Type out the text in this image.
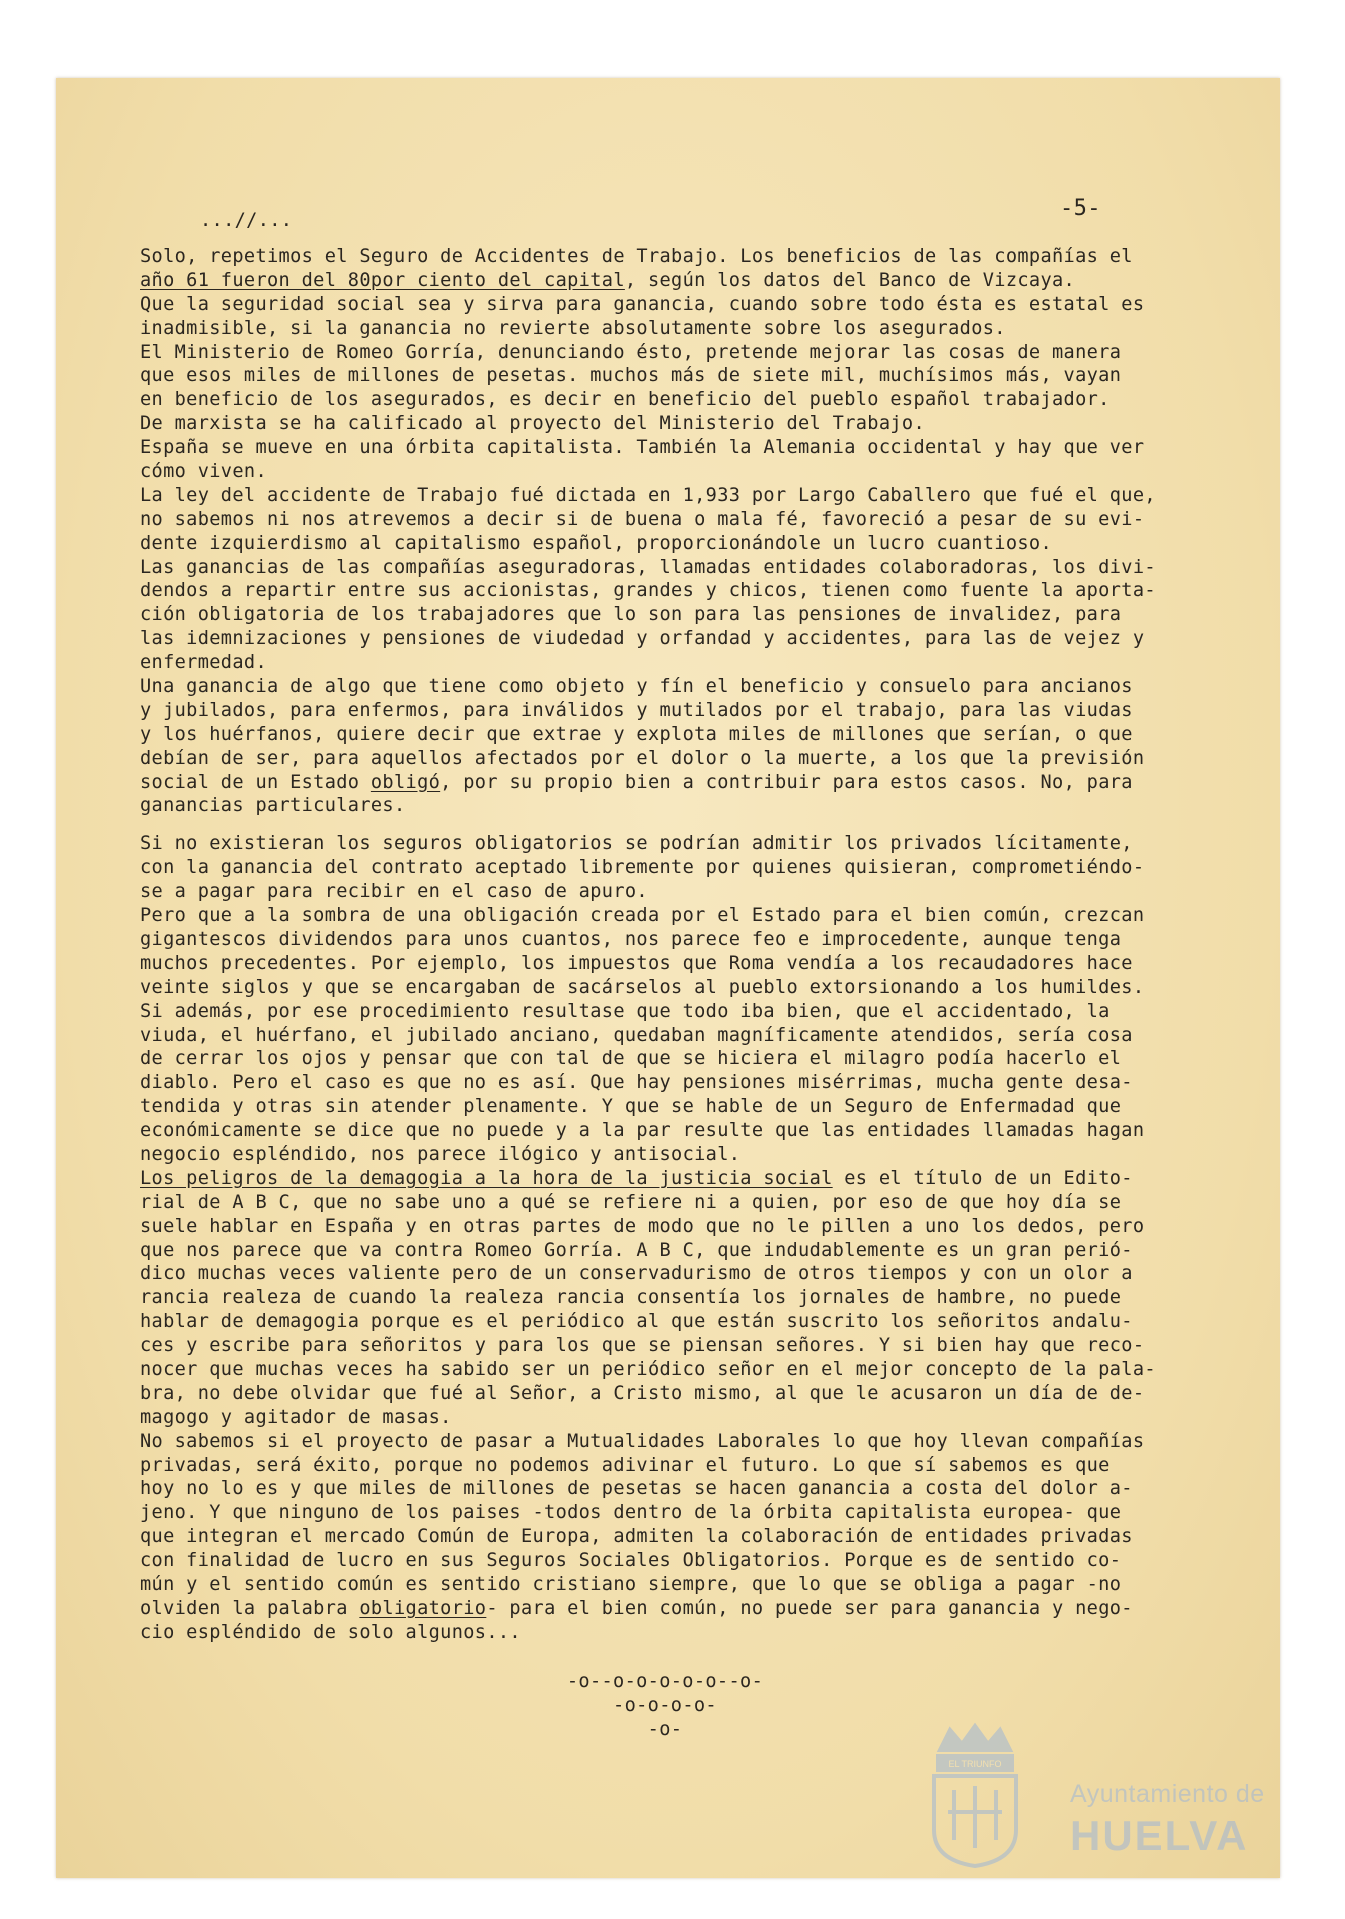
...//...	-5-
Solo, repetimos el Seguro de Accidentes de Trabajo. Los beneficios de las compañías el
año 61 fueron del 80por ciento del capital, según los datos del Banco de Vizcaya.
Que la seguridad social sea y sirva para ganancia, cuando sobre todo ésta es estatal es
inadmisible, si la ganancia no revierte absolutamente sobre los asegurados.
El Ministerio de Romeo Gorría, denunciando ésto, pretende mejorar las cosas de manera
que esos miles de millones de pesetas. muchos más de siete mil, muchísimos más, vayan
en beneficio de los asegurados, es decir en beneficio del pueblo español trabajador.
De marxista se ha calificado al proyecto del Ministerio del Trabajo.
España se mueve en una órbita capitalista. También la Alemania occidental y hay que ver
cómo viven.
La ley del accidente de Trabajo fué dictada en 1,933 por Largo Caballero que fué el que,
no sabemos ni nos atrevemos a decir si de buena o mala fé, favoreció a pesar de su evi-
dente izquierdismo al capitalismo español, proporcionándole un lucro cuantioso.
Las ganancias de las compañías aseguradoras, llamadas entidades colaboradoras, los divi-
dendos a repartir entre sus accionistas, grandes y chicos, tienen como fuente la aporta-
ción obligatoria de los trabajadores que lo son para las pensiones de invalidez, para
las idemnizaciones y pensiones de viudedad y orfandad y accidentes, para las de vejez y
enfermedad.
Una ganancia de algo que tiene como objeto y fín el beneficio y consuelo para ancianos
y jubilados, para enfermos, para inválidos y mutilados por el trabajo, para las viudas
y los huérfanos, quiere decir que extrae y explota miles de millones que serían, o que
debían de ser, para aquellos afectados por el dolor o la muerte, a los que la previsión
social de un Estado obligó, por su propio bien a contribuir para estos casos. No, para
ganancias particulares.
Si no existieran los seguros obligatorios se podrían admitir los privados lícitamente,
con la ganancia del contrato aceptado libremente por quienes quisieran, comprometiéndo-
se a pagar para recibir en el caso de apuro.
Pero que a la sombra de una obligación creada por el Estado para el bien común, crezcan
gigantescos dividendos para unos cuantos, nos parece feo e improcedente, aunque tenga
muchos precedentes. Por ejemplo, los impuestos que Roma vendía a los recaudadores hace
veinte siglos y que se encargaban de sacárselos al pueblo extorsionando a los humildes.
Si además, por ese procedimiento resultase que todo iba bien, que el accidentado, la
viuda, el huérfano, el jubilado anciano, quedaban magníficamente atendidos, sería cosa
de cerrar los ojos y pensar que con tal de que se hiciera el milagro podía hacerlo el
diablo. Pero el caso es que no es así. Que hay pensiones misérrimas, mucha gente desa-
tendida y otras sin atender plenamente. Y que se hable de un Seguro de Enfermadad que
económicamente se dice que no puede y a la par resulte que las entidades llamadas hagan
negocio espléndido, nos parece ilógico y antisocial.
Los peligros de la demagogia a la hora de la justicia social es el título de un Edito-
rial de A B C, que no sabe uno a qué se refiere ni a quien, por eso de que hoy día se
suele hablar en España y en otras partes de modo que no le pillen a uno los dedos, pero
que nos parece que va contra Romeo Gorría. A B C, que indudablemente es un gran perió-
dico muchas veces valiente pero de un conservadurismo de otros tiempos y con un olor a
rancia realeza de cuando la realeza rancia consentía los jornales de hambre, no puede
hablar de demagogia porque es el periódico al que están suscrito los señoritos andalu-
ces y escribe para señoritos y para los que se piensan señores. Y si bien hay que reco-
nocer que muchas veces ha sabido ser un periódico señor en el mejor concepto de la pala-
bra, no debe olvidar que fué al Señor, a Cristo mismo, al que le acusaron un día de de-
magogo y agitador de masas.
No sabemos si el proyecto de pasar a Mutualidades Laborales lo que hoy llevan compañías
privadas, será éxito, porque no podemos adivinar el futuro. Lo que sí sabemos es que
hoy no lo es y que miles de millones de pesetas se hacen ganancia a costa del dolor a-
jeno. Y que ninguno de los paises -todos dentro de la órbita capitalista europea- que
que integran el mercado Común de Europa, admiten la colaboración de entidades privadas
con finalidad de lucro en sus Seguros Sociales Obligatorios. Porque es de sentido co-
mún y el sentido común es sentido cristiano siempre, que lo que se obliga a pagar -no
olviden la palabra obligatorio- para el bien común, no puede ser para ganancia y nego-
cio espléndido de solo algunos...
-o--o-o-o-o-o--o-
-o-o-o-o-
-o-
EL TRIUNFO
Ayuntamiento de
HUELVA
